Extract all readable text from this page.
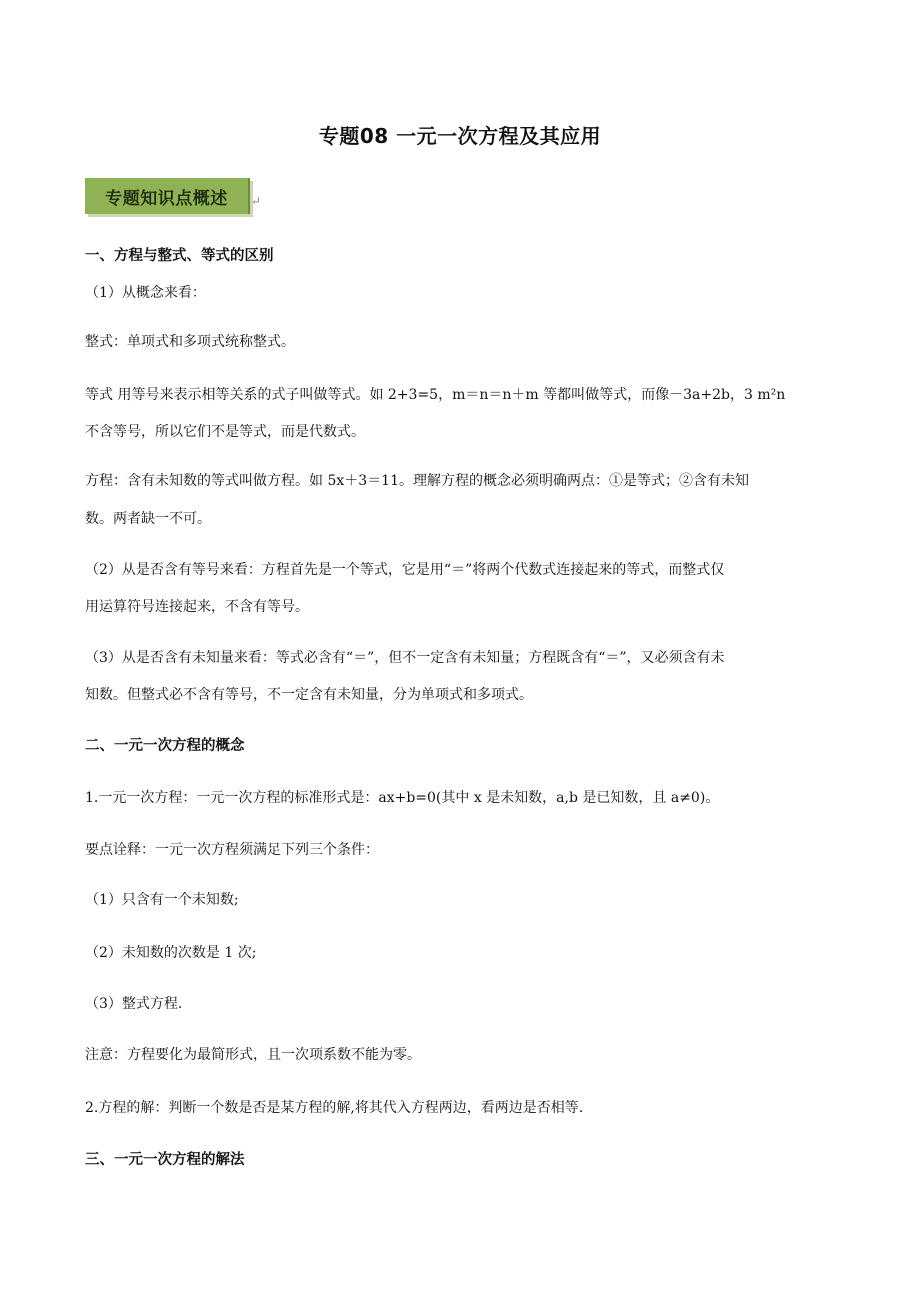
专题08 一元一次方程及其应用
专题知识点概述 ↵
一、方程与整式、等式的区别
（1）从概念来看：
整式：单项式和多项式统称整式。
等式 用等号来表示相等关系的式子叫做等式。如 2+3=5，m＝n＝n＋m 等都叫做等式，而像－3a+2b，3 m²n
不含等号，所以它们不是等式，而是代数式。
方程：含有未知数的等式叫做方程。如 5x＋3＝11。理解方程的概念必须明确两点：①是等式；②含有未知
数。两者缺一不可。
（2）从是否含有等号来看：方程首先是一个等式，它是用“＝”将两个代数式连接起来的等式，而整式仅
用运算符号连接起来，不含有等号。
（3）从是否含有未知量来看：等式必含有“＝”，但不一定含有未知量；方程既含有“＝”，又必须含有未
知数。但整式必不含有等号，不一定含有未知量，分为单项式和多项式。
二、一元一次方程的概念
1.一元一次方程：一元一次方程的标准形式是：ax+b=0(其中 x 是未知数，a,b 是已知数，且 a≠0)。
要点诠释：一元一次方程须满足下列三个条件：
（1）只含有一个未知数;
（2）未知数的次数是 1 次;
（3）整式方程.
注意：方程要化为最简形式，且一次项系数不能为零。
2.方程的解：判断一个数是否是某方程的解,将其代入方程两边，看两边是否相等.
三、一元一次方程的解法
